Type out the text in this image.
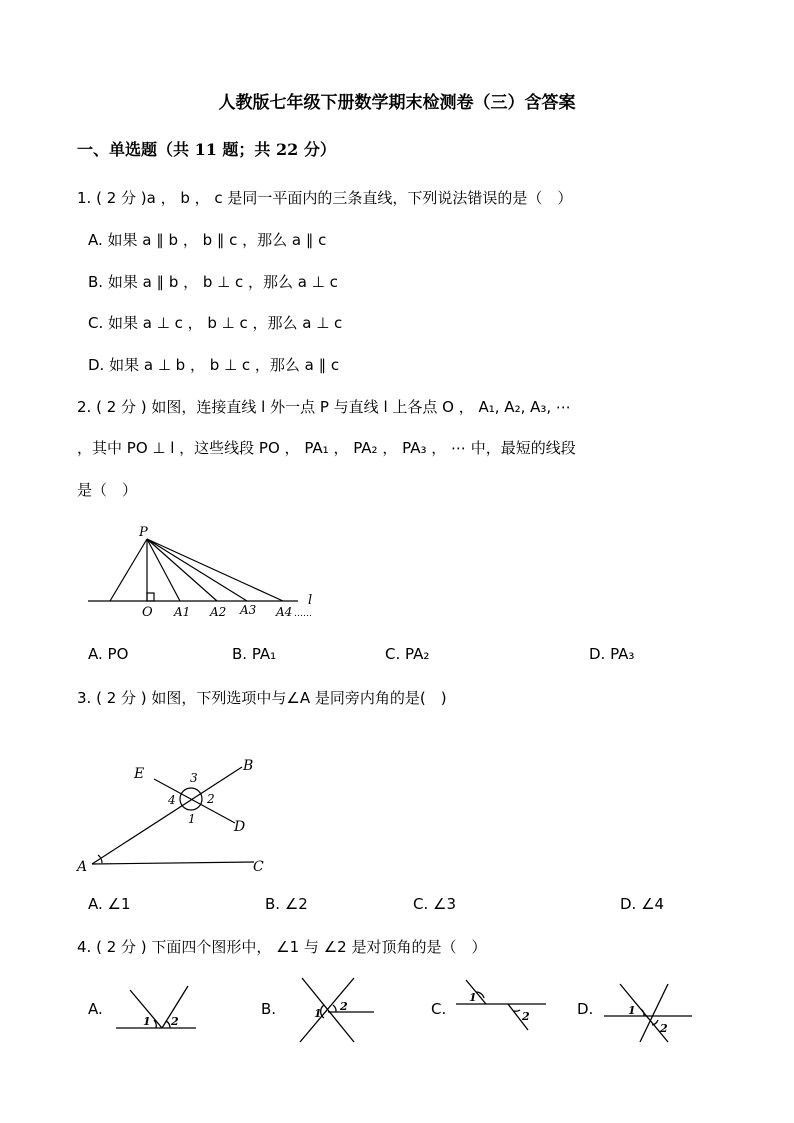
人教版七年级下册数学期末检测卷（三）含答案
一、单选题（共 11 题；共 22 分）
1. ( 2 分 )a ， b ， c 是同一平面内的三条直线，下列说法错误的是（　）
A. 如果 a ∥ b ， b ∥ c ，那么 a ∥ c
B. 如果 a ∥ b ， b ⊥ c ，那么 a ⊥ c
C. 如果 a ⊥ c ， b ⊥ c ，那么 a ⊥ c
D. 如果 a ⊥ b ， b ⊥ c ，那么 a ∥ c
2. ( 2 分 ) 如图，连接直线 l 外一点 P 与直线 l 上各点 O ， A₁, A₂, A₃, ⋯
，其中 PO ⊥ l ，这些线段 PO ， PA₁ ， PA₂ ， PA₃ ， ⋯ 中，最短的线段
是（　）
P
O A1 A2 A3 A4
l
……
A. PO	B. PA₁	C. PA₂	D. PA₃
3. ( 2 分 ) 如图，下列选项中与∠A 是同旁内角的是(　)
E	B
D
A	C
3
2
4
1
A. ∠1	B. ∠2	C. ∠3	D. ∠4
4. ( 2 分 ) 下面四个图形中， ∠1 与 ∠2 是对顶角的是（　）
A.
1 2
B.	1
2	C.
1
2	D.	1
2
